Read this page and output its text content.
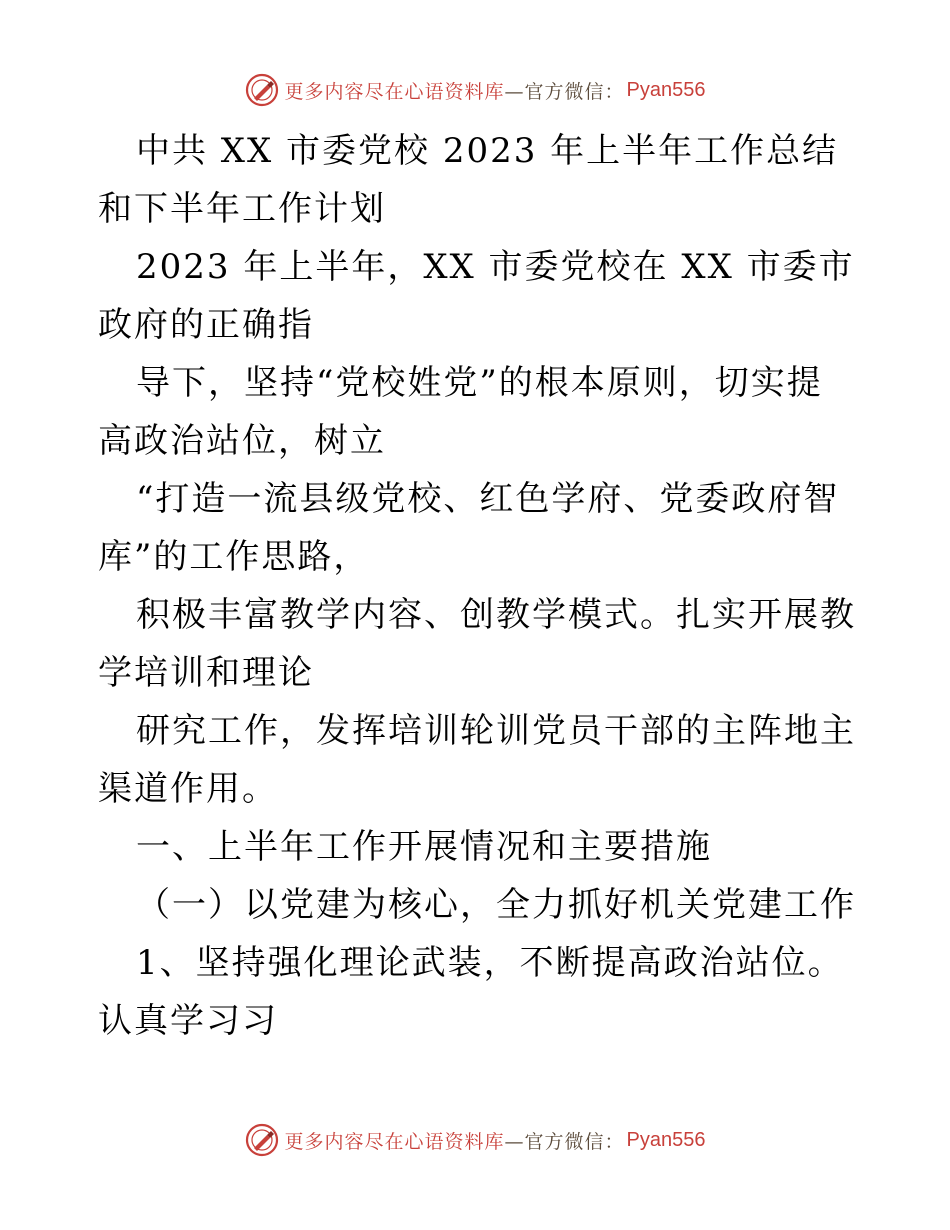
更多内容尽在心语资料库 —官方微信： Pyan556

中共 XX 市委党校 2023 年上半年工作总结和下半年工作计划

2023 年上半年，XX 市委党校在 XX 市委市政府的正确指

导下，坚持“党校姓党”的根本原则，切实提高政治站位，树立

“打造一流县级党校、红色学府、党委政府智库”的工作思路，

积极丰富教学内容、创教学模式。扎实开展教学培训和理论

研究工作，发挥培训轮训党员干部的主阵地主渠道作用。

一、上半年工作开展情况和主要措施

（一）以党建为核心，全力抓好机关党建工作

1、坚持强化理论武装，不断提高政治站位。认真学习习

更多内容尽在心语资料库 —官方微信： Pyan556
